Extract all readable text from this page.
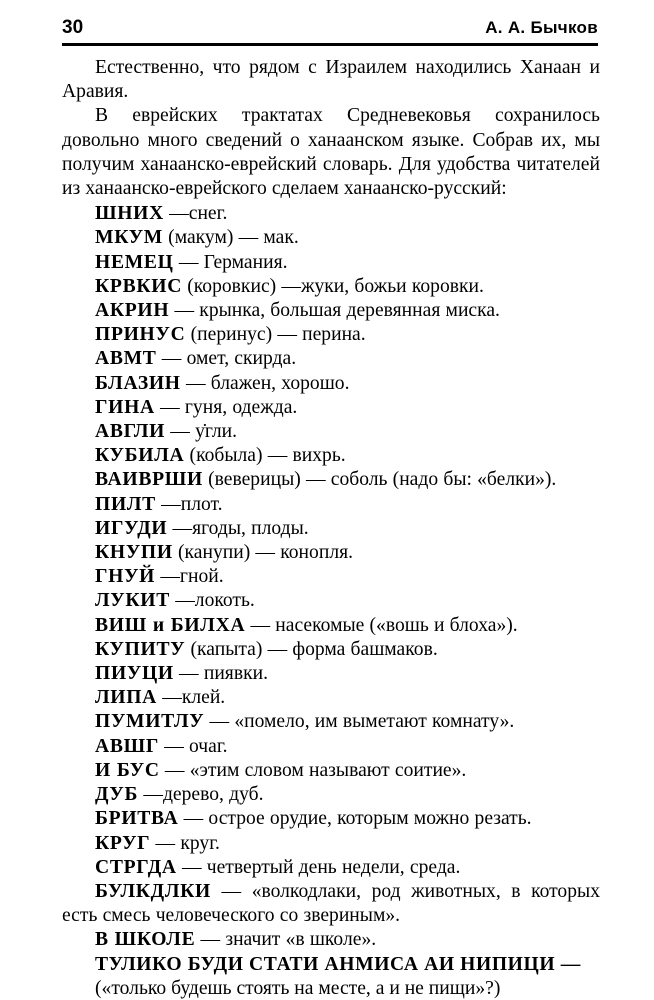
30	А. А. Бычков

Естественно, что рядом с Израилем находились Ханаан и Аравия.

В еврейских трактатах Средневековья сохранилось довольно много сведений о ханаанском языке. Собрав их, мы получим ханаанско-еврейский словарь. Для удобства читателей из ханаанско-еврейского сделаем ханаанско-русский:

ШНИХ —снег.
МКУМ (макум) — мак.
НЕМЕЦ — Германия.
КРВКИС (коровкис) —жуки, божьи коровки.
АКРИН — крынка, большая деревянная миска.
ПРИНУС (перинус) — перина.
АВМТ — омет, скирда.
БЛАЗИН — блажен, хорошо.
ГИНА — гуня, одежда.
АВГЛИ — у̇гли.
КУБИЛА (кобыла) — вихрь.
ВАИВРШИ (веверицы) — соболь (надо бы: «белки»).
ПИЛТ —плот.
ИГУДИ —ягоды, плоды.
КНУПИ (канупи) — конопля.
ГНУЙ —гной.
ЛУКИТ —локоть.
ВИШ и БИЛХА — насекомые («вошь и блоха»).
КУПИТУ (капыта) — форма башмаков.
ПИУЦИ — пиявки.
ЛИПА —клей.
ПУМИТЛУ — «помело, им выметают комнату».
АВШГ — очаг.
И БУС — «этим словом называют соитие».
ДУБ —дерево, дуб.
БРИТВА — острое орудие, которым можно резать.
КРУГ — круг.
СТРГДА — четвертый день недели, среда.
БУЛКДЛКИ — «волкодлаки, род животных, в которых есть смесь человеческого со звериным».
В ШКОЛЕ — значит «в школе».

ТУЛИКО БУДИ СТАТИ АНМИСА АИ НИПИЦИ —

(«только будешь стоять на месте, а и не пищи»?)
